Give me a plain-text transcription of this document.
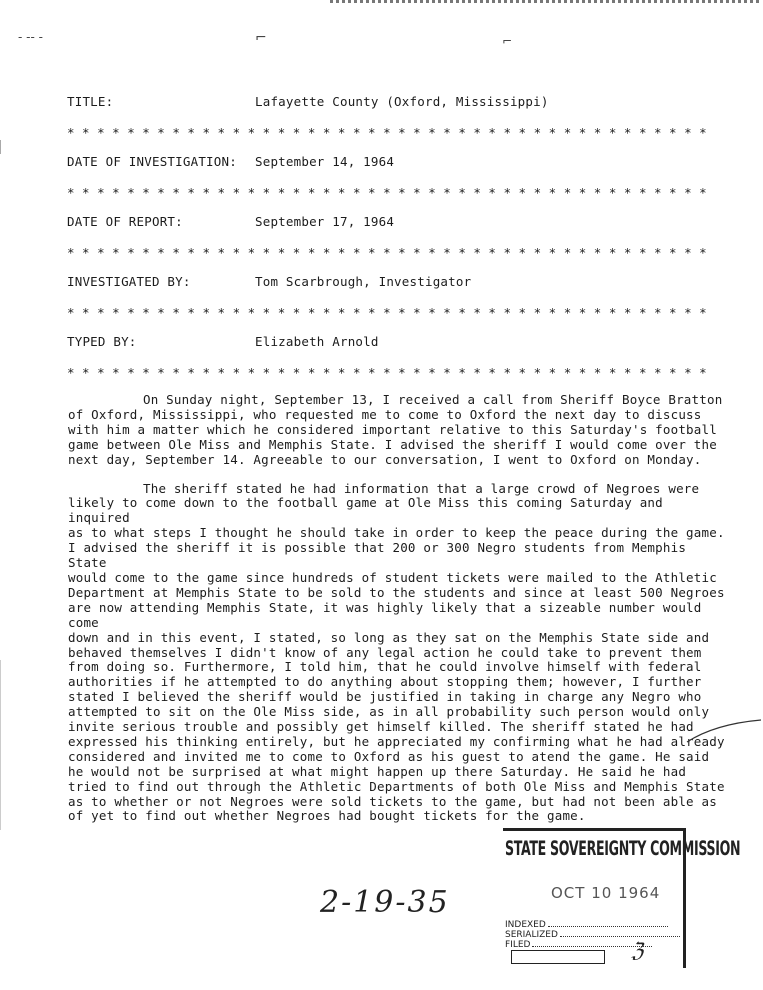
- -- -	⌐	⌐
TITLE:	Lafayette County (Oxford, Mississippi)
* * * * * * * * * * * * * * * * * * * * * * * * * * * * * * * * * * * * * * * * * * *
DATE OF INVESTIGATION: September 14, 1964
* * * * * * * * * * * * * * * * * * * * * * * * * * * * * * * * * * * * * * * * * * *
DATE OF REPORT:	September 17, 1964
* * * * * * * * * * * * * * * * * * * * * * * * * * * * * * * * * * * * * * * * * * *
INVESTIGATED BY:	Tom Scarbrough, Investigator
* * * * * * * * * * * * * * * * * * * * * * * * * * * * * * * * * * * * * * * * * * *
TYPED BY:	Elizabeth Arnold
* * * * * * * * * * * * * * * * * * * * * * * * * * * * * * * * * * * * * * * * * * *

On Sunday night, September 13, I received a call from Sheriff Boyce Bratton
of Oxford, Mississippi, who requested me to come to Oxford the next day to discuss
with him a matter which he considered important relative to this Saturday's football
game between Ole Miss and Memphis State. I advised the sheriff I would come over the
next day, September 14. Agreeable to our conversation, I went to Oxford on Monday.

The sheriff stated he had information that a large crowd of Negroes were
likely to come down to the football game at Ole Miss this coming Saturday and inquired
as to what steps I thought he should take in order to keep the peace during the game.
I advised the sheriff it is possible that 200 or 300 Negro students from Memphis State
would come to the game since hundreds of student tickets were mailed to the Athletic
Department at Memphis State to be sold to the students and since at least 500 Negroes
are now attending Memphis State, it was highly likely that a sizeable number would come
down and in this event, I stated, so long as they sat on the Memphis State side and
behaved themselves I didn't know of any legal action he could take to prevent them
from doing so. Furthermore, I told him, that he could involve himself with federal
authorities if he attempted to do anything about stopping them; however, I further
stated I believed the sheriff would be justified in taking in charge any Negro who
attempted to sit on the Ole Miss side, as in all probability such person would only
invite serious trouble and possibly get himself killed. The sheriff stated he had
expressed his thinking entirely, but he appreciated my confirming what he had already
considered and invited me to come to Oxford as his guest to atend the game. He said
he would not be surprised at what might happen up there Saturday. He said he had
tried to find out through the Athletic Departments of both Ole Miss and Memphis State
as to whether or not Negroes were sold tickets to the game, but had not been able as
of yet to find out whether Negroes had bought tickets for the game.

2-19-35
STATE SOVEREIGNTY COMMISSION
OCT 10 1964
INDEXED
SERIALIZED
FILED	ℨ
